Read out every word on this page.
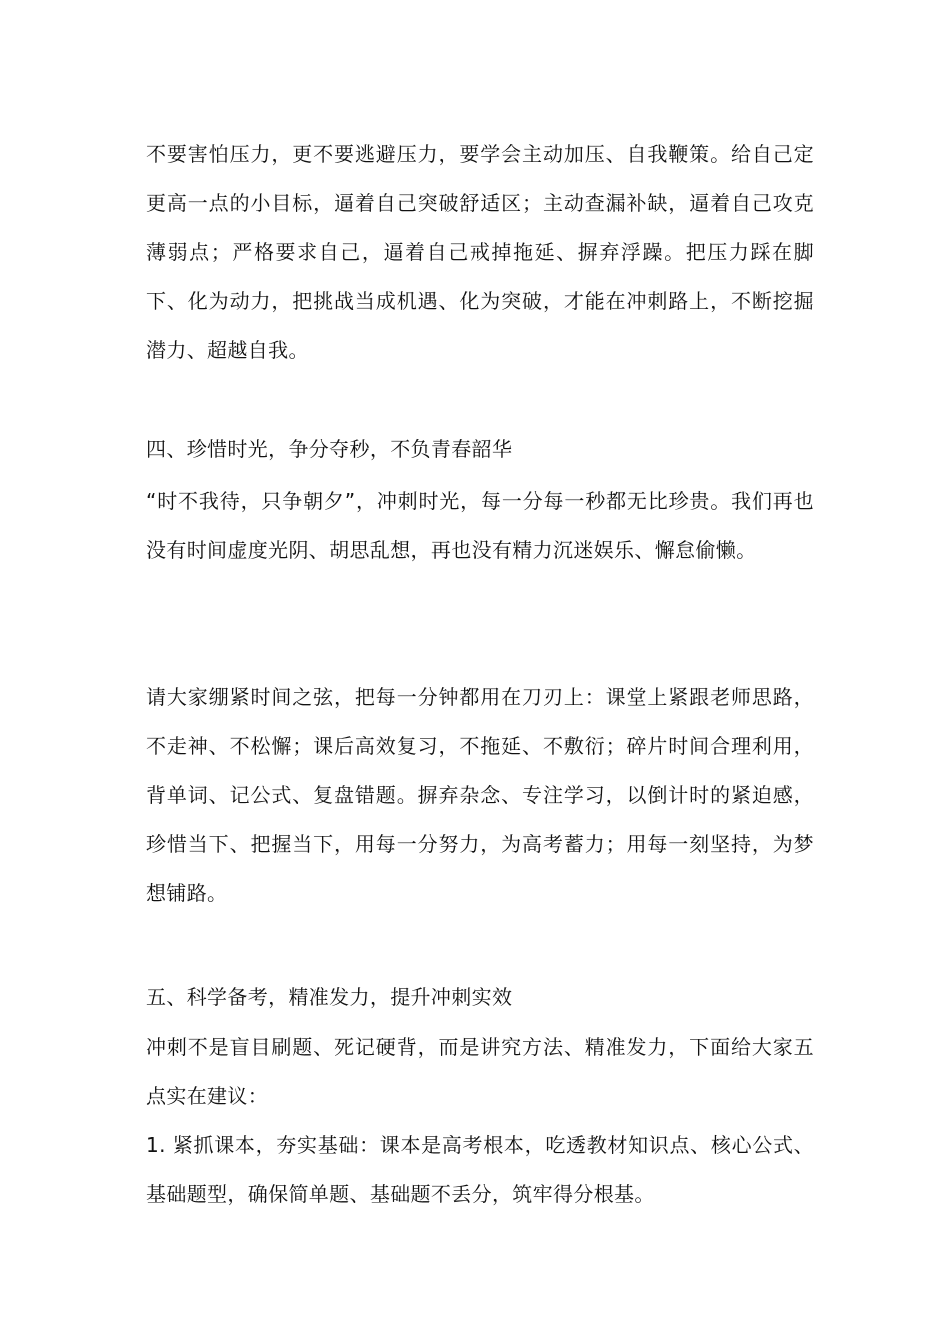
不要害怕压力，更不要逃避压力，要学会主动加压、自我鞭策。给自己定更高一点的小目标，逼着自己突破舒适区；主动查漏补缺，逼着自己攻克薄弱点；严格要求自己，逼着自己戒掉拖延、摒弃浮躁。把压力踩在脚下、化为动力，把挑战当成机遇、化为突破，才能在冲刺路上，不断挖掘潜力、超越自我。

四、珍惜时光，争分夺秒，不负青春韶华

“时不我待，只争朝夕”，冲刺时光，每一分每一秒都无比珍贵。我们再也没有时间虚度光阴、胡思乱想，再也没有精力沉迷娱乐、懈怠偷懒。

请大家绷紧时间之弦，把每一分钟都用在刀刃上：课堂上紧跟老师思路，不走神、不松懈；课后高效复习，不拖延、不敷衍；碎片时间合理利用，背单词、记公式、复盘错题。摒弃杂念、专注学习，以倒计时的紧迫感，珍惜当下、把握当下，用每一分努力，为高考蓄力；用每一刻坚持，为梦想铺路。

五、科学备考，精准发力，提升冲刺实效

冲刺不是盲目刷题、死记硬背，而是讲究方法、精准发力，下面给大家五点实在建议：

1. 紧抓课本，夯实基础：课本是高考根本，吃透教材知识点、核心公式、基础题型，确保简单题、基础题不丢分，筑牢得分根基。
